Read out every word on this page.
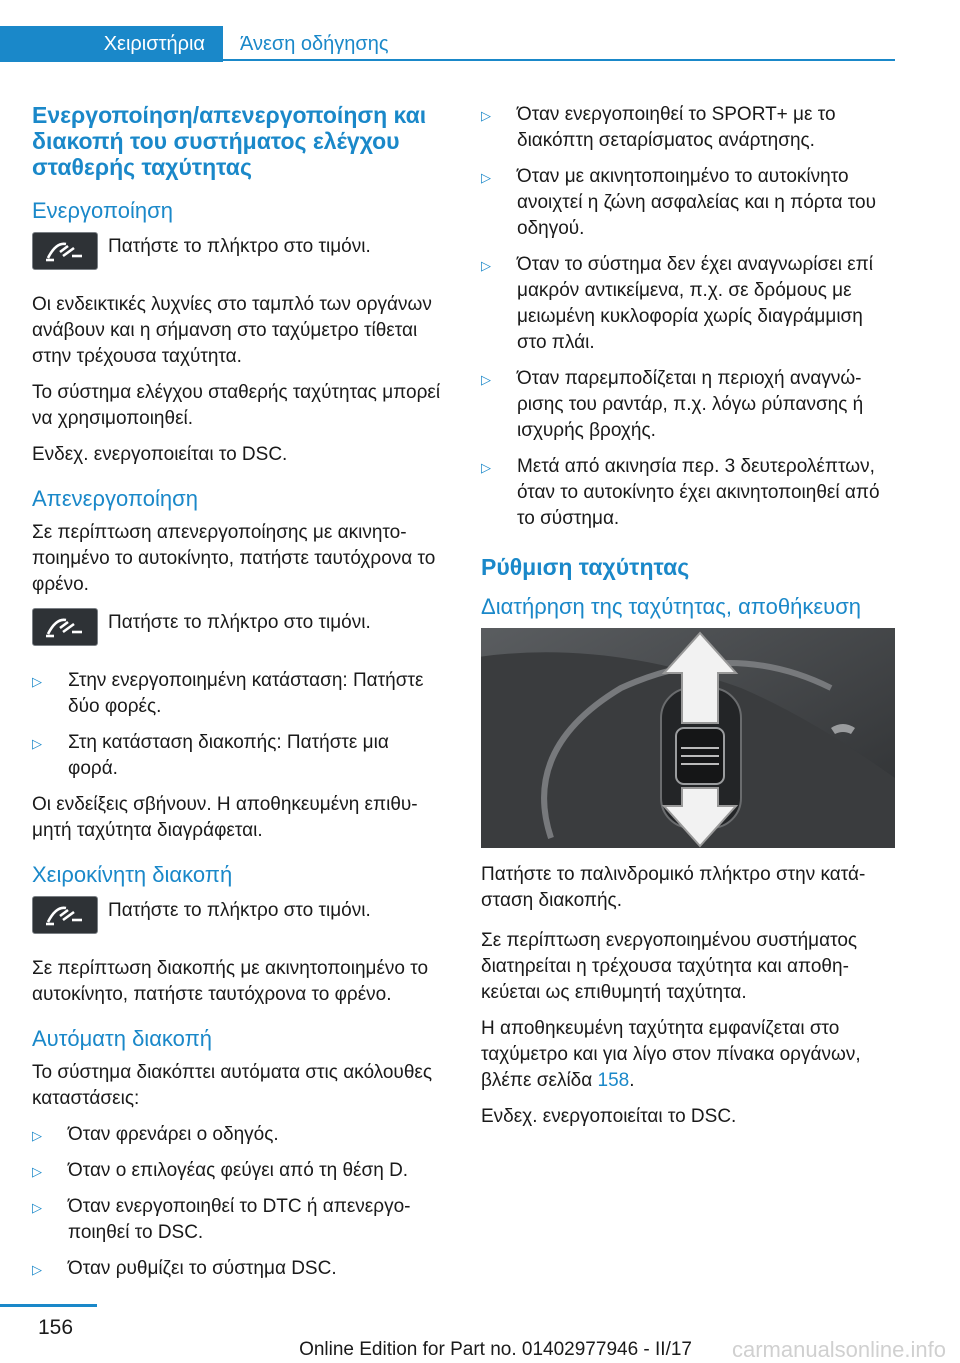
Χειριστήρια	Άνεση οδήγησης
Ενεργοποίηση/απενεργοποίηση και διακοπή του συστήματος ελέγχου σταθερής ταχύτητας
Ενεργοποίηση
Πατήστε το πλήκτρο στο τιμόνι.

Οι ενδεικτικές λυχνίες στο ταμπλό των οργάνων ανάβουν και η σήμανση στο ταχύμετρο τίθεται στην τρέχουσα ταχύτητα.

Το σύστημα ελέγχου σταθερής ταχύτητας μπορεί να χρησιμοποιηθεί.

Ενδεχ. ενεργοποιείται το DSC.

Απενεργοποίηση

Σε περίπτωση απενεργοποίησης με ακινητοποιημένο το αυτοκίνητο, πατήστε ταυτόχρονα το φρένο.

Πατήστε το πλήκτρο στο τιμόνι.
▷ Στην ενεργοποιημένη κατάσταση: Πατήστε δύο φορές.
▷ Στη κατάσταση διακοπής: Πατήστε μια φορά.

Οι ενδείξεις σβήνουν. Η αποθηκευμένη επιθυμητή ταχύτητα διαγράφεται.

Χειροκίνητη διακοπή
Πατήστε το πλήκτρο στο τιμόνι.

Σε περίπτωση διακοπής με ακινητοποιημένο το αυτοκίνητο, πατήστε ταυτόχρονα το φρένο.

Αυτόματη διακοπή

Το σύστημα διακόπτει αυτόματα στις ακόλουθες καταστάσεις:

▷ Όταν φρενάρει ο οδηγός.
▷ Όταν ο επιλογέας φεύγει από τη θέση D.
▷ Όταν ενεργοποιηθεί το DTC ή απενεργοποιηθεί το DSC.
▷ Όταν ρυθμίζει το σύστημα DSC.
▷ Όταν ενεργοποιηθεί το SPORT+ με το διακόπτη σεταρίσματος ανάρτησης.
▷ Όταν με ακινητοποιημένο το αυτοκίνητο ανοιχτεί η ζώνη ασφαλείας και η πόρτα του οδηγού.
▷ Όταν το σύστημα δεν έχει αναγνωρίσει επί μακρόν αντικείμενα, π.χ. σε δρόμους με μειωμένη κυκλοφορία χωρίς διαγράμμιση στο πλάι.
▷ Όταν παρεμποδίζεται η περιοχή αναγνώρισης του ραντάρ, π.χ. λόγω ρύπανσης ή ισχυρής βροχής.
▷ Μετά από ακινησία περ. 3 δευτερολέπτων, όταν το αυτοκίνητο έχει ακινητοποιηθεί από το σύστημα.
Ρύθμιση ταχύτητας
Διατήρηση της ταχύτητας, αποθήκευση

Πατήστε το παλινδρομικό πλήκτρο στην κατάσταση διακοπής.

Σε περίπτωση ενεργοποιημένου συστήματος διατηρείται η τρέχουσα ταχύτητα και αποθηκεύεται ως επιθυμητή ταχύτητα.

Η αποθηκευμένη ταχύτητα εμφανίζεται στο ταχύμετρο και για λίγο στον πίνακα οργάνων, βλέπε σελίδα 158.

Ενδεχ. ενεργοποιείται το DSC.

156
Online Edition for Part no. 01402977946 - II/17 carmanualsonline.info
